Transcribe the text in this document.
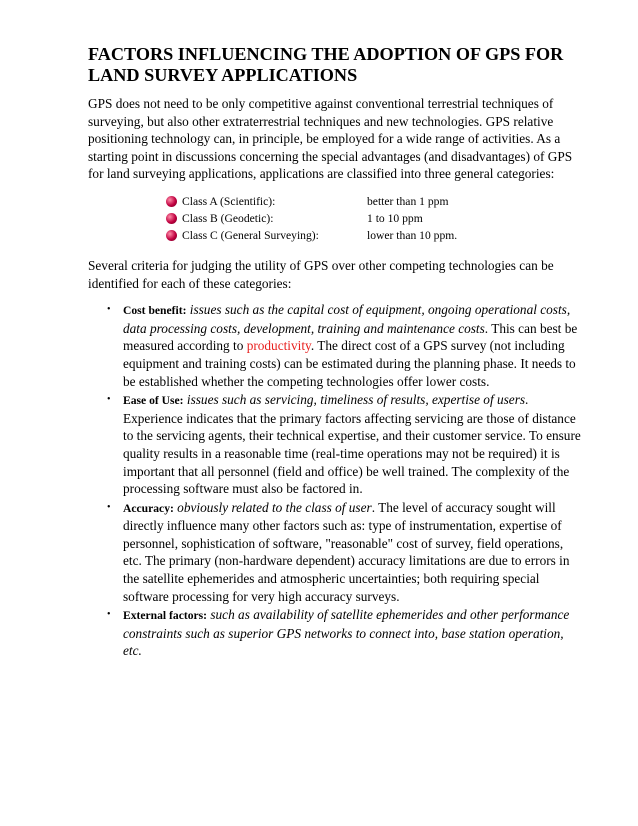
FACTORS INFLUENCING THE ADOPTION OF GPS FOR LAND SURVEY APPLICATIONS

GPS does not need to be only competitive against conventional terrestrial techniques of surveying, but also other extraterrestrial techniques and new technologies. GPS relative positioning technology can, in principle, be employed for a wide range of activities. As a starting point in discussions concerning the special advantages (and disadvantages) of GPS for land surveying applications, applications are classified into three general categories:

Class A (Scientific):	better than 1 ppm
Class B (Geodetic):	1 to 10 ppm
Class C (General Surveying):	lower than 10 ppm.

Several criteria for judging the utility of GPS over other competing technologies can be identified for each of these categories:

• Cost benefit: issues such as the capital cost of equipment, ongoing operational costs, data processing costs, development, training and maintenance costs. This can best be measured according to productivity. The direct cost of a GPS survey (not including equipment and training costs) can be estimated during the planning phase. It needs to be established whether the competing technologies offer lower costs.
• Ease of Use: issues such as servicing, timeliness of results, expertise of users. Experience indicates that the primary factors affecting servicing are those of distance to the servicing agents, their technical expertise, and their customer service. To ensure quality results in a reasonable time (real-time operations may not be required) it is important that all personnel (field and office) be well trained. The complexity of the processing software must also be factored in.
• Accuracy: obviously related to the class of user. The level of accuracy sought will directly influence many other factors such as: type of instrumentation, expertise of personnel, sophistication of software, "reasonable" cost of survey, field operations, etc. The primary (non-hardware dependent) accuracy limitations are due to errors in the satellite ephemerides and atmospheric uncertainties; both requiring special software processing for very high accuracy surveys.
• External factors: such as availability of satellite ephemerides and other performance constraints such as superior GPS networks to connect into, base station operation, etc.
